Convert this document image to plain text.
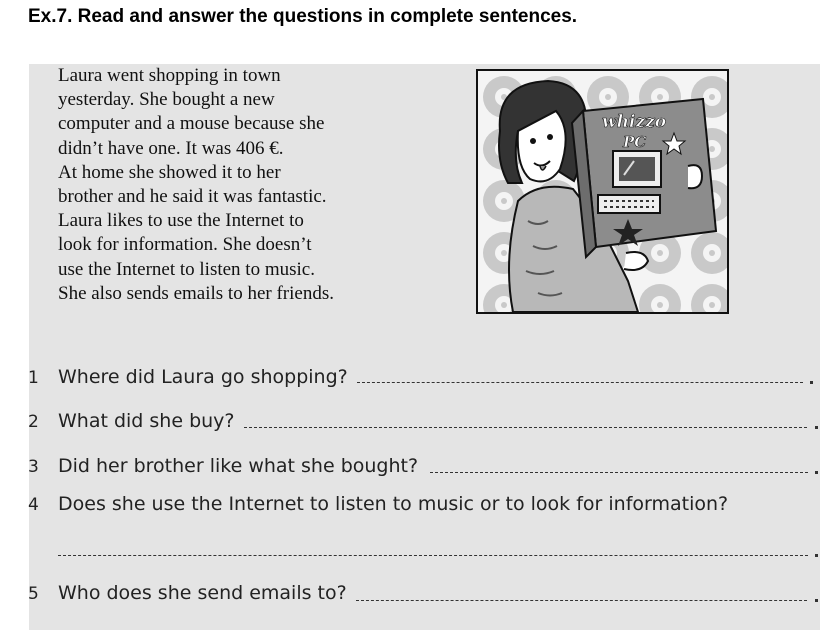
Ex.7. Read and answer the questions in complete sentences.
Laura went shopping in town
yesterday. She bought a new
computer and a mouse because she
didn’t have one. It was 406 €.
At home she showed it to her
brother and he said it was fantastic.
Laura likes to use the Internet to
look for information. She doesn’t
use the Internet to listen to music.
She also sends emails to her friends.
whizzo
PC
1 Where did Laura go shopping?
2 What did she buy?
3 Did her brother like what she bought?
4 Does she use the Internet to listen to music or to look for information?
5 Who does she send emails to?
